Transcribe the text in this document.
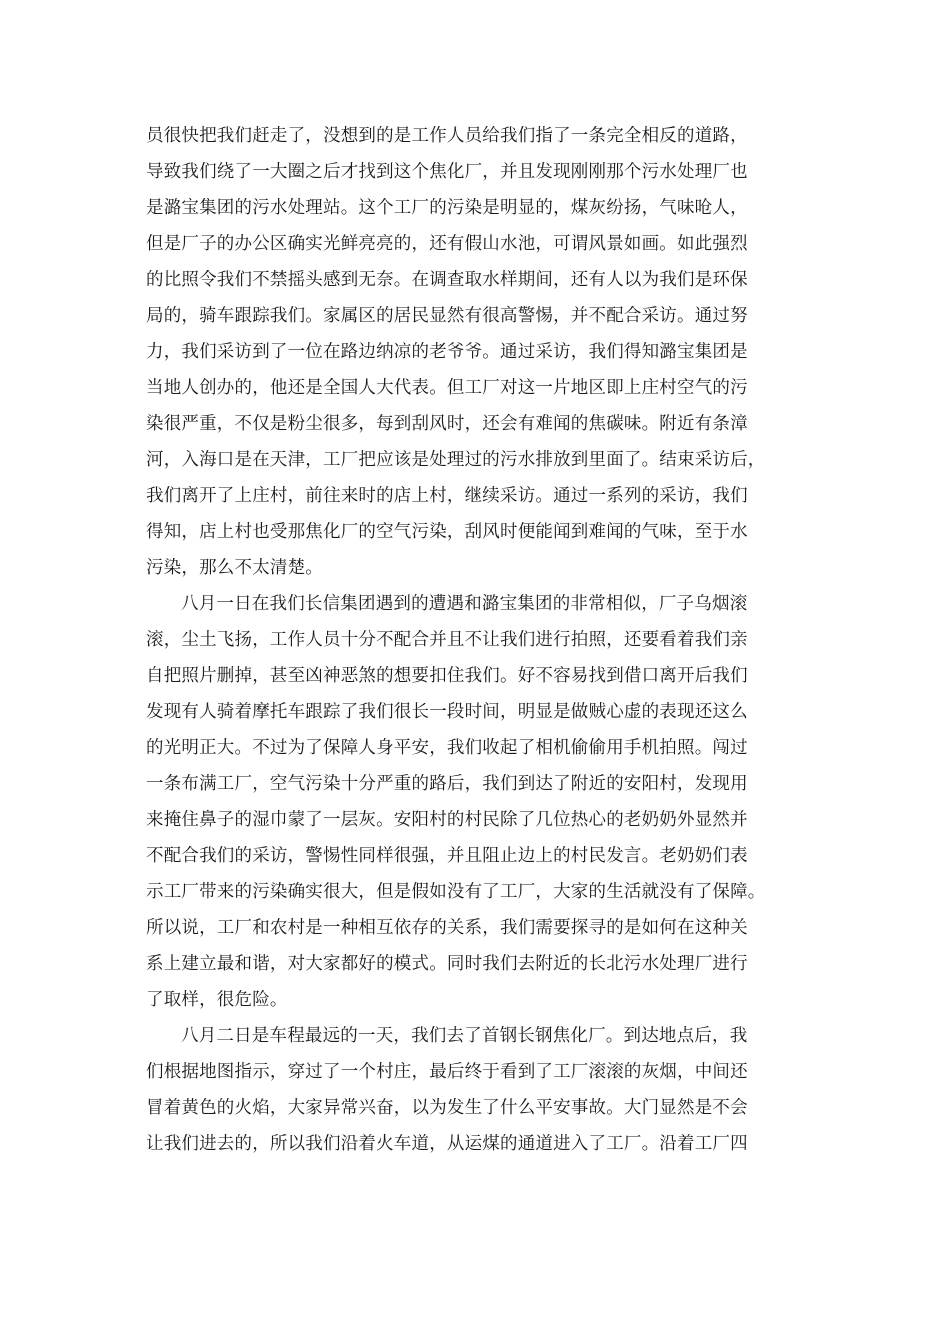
员很快把我们赶走了，没想到的是工作人员给我们指了一条完全相反的道路，
导致我们绕了一大圈之后才找到这个焦化厂，并且发现刚刚那个污水处理厂也
是潞宝集团的污水处理站。这个工厂的污染是明显的，煤灰纷扬，气味呛人，
但是厂子的办公区确实光鲜亮亮的，还有假山水池，可谓风景如画。如此强烈
的比照令我们不禁摇头感到无奈。在调查取水样期间，还有人以为我们是环保
局的，骑车跟踪我们。家属区的居民显然有很高警惕，并不配合采访。通过努
力，我们采访到了一位在路边纳凉的老爷爷。通过采访，我们得知潞宝集团是
当地人创办的，他还是全国人大代表。但工厂对这一片地区即上庄村空气的污
染很严重，不仅是粉尘很多，每到刮风时，还会有难闻的焦碳味。附近有条漳
河，入海口是在天津，工厂把应该是处理过的污水排放到里面了。结束采访后，
我们离开了上庄村，前往来时的店上村，继续采访。通过一系列的采访，我们
得知，店上村也受那焦化厂的空气污染，刮风时便能闻到难闻的气味，至于水
污染，那么不太清楚。
八月一日在我们长信集团遇到的遭遇和潞宝集团的非常相似，厂子乌烟滚
滚，尘土飞扬，工作人员十分不配合并且不让我们进行拍照，还要看着我们亲
自把照片删掉，甚至凶神恶煞的想要扣住我们。好不容易找到借口离开后我们
发现有人骑着摩托车跟踪了我们很长一段时间，明显是做贼心虚的表现还这么
的光明正大。不过为了保障人身平安，我们收起了相机偷偷用手机拍照。闯过
一条布满工厂，空气污染十分严重的路后，我们到达了附近的安阳村，发现用
来掩住鼻子的湿巾蒙了一层灰。安阳村的村民除了几位热心的老奶奶外显然并
不配合我们的采访，警惕性同样很强，并且阻止边上的村民发言。老奶奶们表
示工厂带来的污染确实很大，但是假如没有了工厂，大家的生活就没有了保障。
所以说，工厂和农村是一种相互依存的关系，我们需要探寻的是如何在这种关
系上建立最和谐，对大家都好的模式。同时我们去附近的长北污水处理厂进行
了取样，很危险。
八月二日是车程最远的一天，我们去了首钢长钢焦化厂。到达地点后，我
们根据地图指示，穿过了一个村庄，最后终于看到了工厂滚滚的灰烟，中间还
冒着黄色的火焰，大家异常兴奋，以为发生了什么平安事故。大门显然是不会
让我们进去的，所以我们沿着火车道，从运煤的通道进入了工厂。沿着工厂四
